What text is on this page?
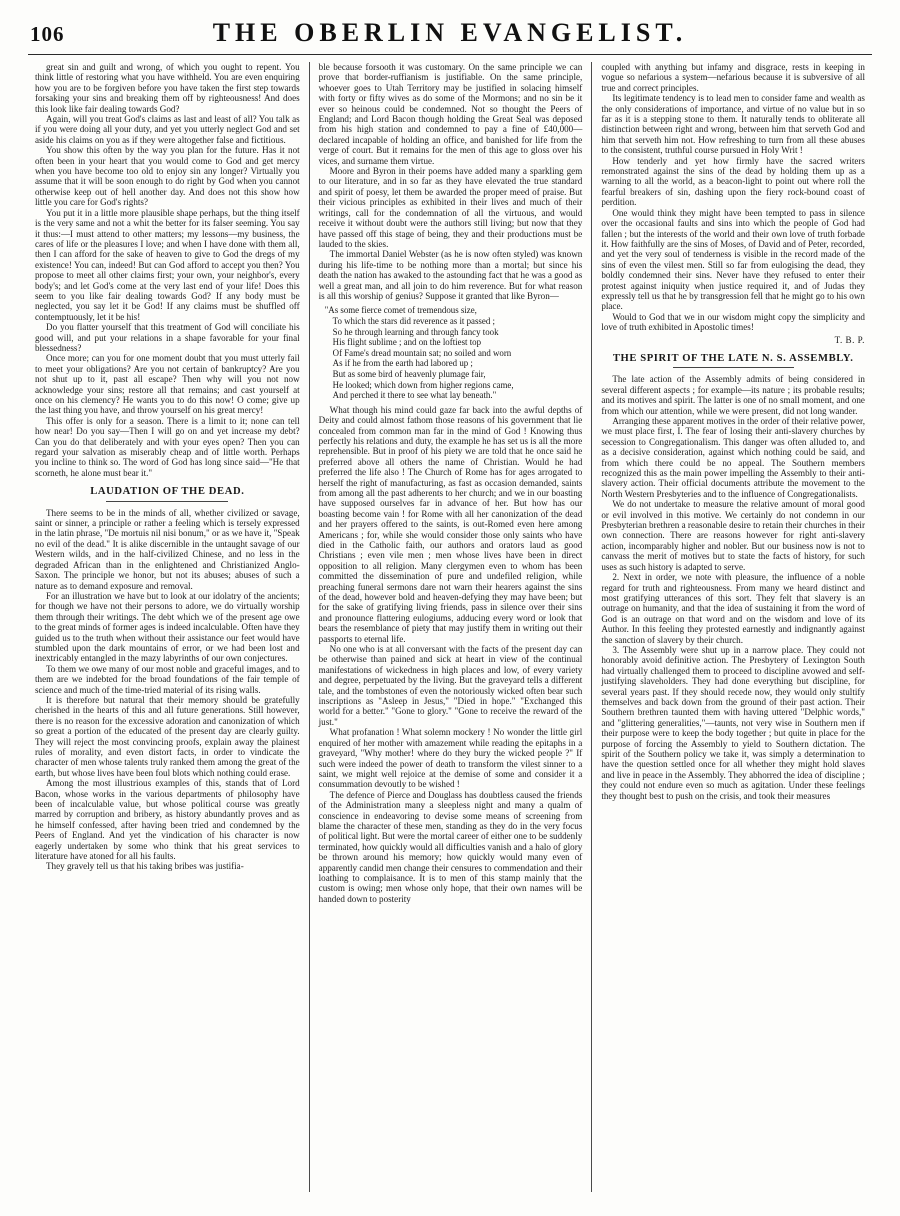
106	THE OBERLIN EVANGELIST.

great sin and guilt and wrong, of which you ought to repent. You think little of restoring what you have withheld. You are even enquiring how you are to be forgiven before you have taken the first step towards forsaking your sins and breaking them off by righteousness! And does this look like fair dealing towards God?

Again, will you treat God's claims as last and least of all? You talk as if you were doing all your duty, and yet you utterly neglect God and set aside his claims on you as if they were altogether false and fictitious.

You show this often by the way you plan for the future. Has it not often been in your heart that you would come to God and get mercy when you have become too old to enjoy sin any longer? Virtually you assume that it will be soon enough to do right by God when you cannot otherwise keep out of hell another day. And does not this show how little you care for God's rights?

You put it in a little more plausible shape perhaps, but the thing itself is the very same and not a whit the better for its falser seeming. You say it thus:—I must attend to other matters; my lessons—my business, the cares of life or the pleasures I love; and when I have done with them all, then I can afford for the sake of heaven to give to God the dregs of my existence! You can, indeed! But can God afford to accept you then? You propose to meet all other claims first; your own, your neighbor's, every body's; and let God's come at the very last end of your life! Does this seem to you like fair dealing towards God? If any body must be neglected, you say let it be God! If any claims must be shuffled off contemptuously, let it be his!

Do you flatter yourself that this treatment of God will conciliate his good will, and put your relations in a shape favorable for your final blessedness?

Once more; can you for one moment doubt that you must utterly fail to meet your obligations? Are you not certain of bankruptcy? Are you not shut up to it, past all escape? Then why will you not now acknowledge your sins; restore all that remains; and cast yourself at once on his clemency? He wants you to do this now! O come; give up the last thing you have, and throw yourself on his great mercy!

This offer is only for a season. There is a limit to it; none can tell how near! Do you say—Then I will go on and yet increase my debt? Can you do that deliberately and with your eyes open? Then you can regard your salvation as miserably cheap and of little worth. Perhaps you incline to think so. The word of God has long since said—"He that scorneth, he alone must bear it."

LAUDATION OF THE DEAD.

There seems to be in the minds of all, whether civilized or savage, saint or sinner, a principle or rather a feeling which is tersely expressed in the latin phrase, "De mortuis nil nisi bonum," or as we have it, "Speak no evil of the dead." It is alike discernible in the untaught savage of our Western wilds, and in the half-civilized Chinese, and no less in the degraded African than in the enlightened and Christianized Anglo-Saxon. The principle we honor, but not its abuses; abuses of such a nature as to demand exposure and removal.

For an illustration we have but to look at our idolatry of the ancients; for though we have not their persons to adore, we do virtually worship them through their writings. The debt which we of the present age owe to the great minds of former ages is indeed incalculable. Often have they guided us to the truth when without their assistance our feet would have stumbled upon the dark mountains of error, or we had been lost and inextricably entangled in the mazy labyrinths of our own conjectures.

To them we owe many of our most noble and graceful images, and to them are we indebted for the broad foundations of the fair temple of science and much of the time-tried material of its rising walls.

It is therefore but natural that their memory should be gratefully cherished in the hearts of this and all future generations. Still however, there is no reason for the excessive adoration and canonization of which so great a portion of the educated of the present day are clearly guilty. They will reject the most convincing proofs, explain away the plainest rules of morality, and even distort facts, in order to vindicate the character of men whose talents truly ranked them among the great of the earth, but whose lives have been foul blots which nothing could erase.

Among the most illustrious examples of this, stands that of Lord Bacon, whose works in the various departments of philosophy have been of incalculable value, but whose political course was greatly marred by corruption and bribery, as history abundantly proves and as he himself confessed, after having been tried and condemned by the Peers of England. And yet the vindication of his character is now eagerly undertaken by some who think that his great services to literature have atoned for all his faults.

They gravely tell us that his taking bribes was justifia-

ble because forsooth it was customary. On the same principle we can prove that border-ruffianism is justifiable. On the same principle, whoever goes to Utah Territory may be justified in solacing himself with forty or fifty wives as do some of the Mormons; and no sin be it ever so heinous could be condemned. Not so thought the Peers of England; and Lord Bacon though holding the Great Seal was deposed from his high station and condemned to pay a fine of £40,000—declared incapable of holding an office, and banished for life from the verge of court. But it remains for the men of this age to gloss over his vices, and surname them virtue.

Moore and Byron in their poems have added many a sparkling gem to our literature, and in so far as they have elevated the true standard and spirit of poesy, let them be awarded the proper meed of praise. But their vicious principles as exhibited in their lives and much of their writings, call for the condemnation of all the virtuous, and would receive it without doubt were the authors still living; but now that they have passed off this stage of being, they and their productions must be lauded to the skies.

The immortal Daniel Webster (as he is now often styled) was known during his life-time to be nothing more than a mortal; but since his death the nation has awaked to the astounding fact that he was a good as well a great man, and all join to do him reverence. But for what reason is all this worship of genius? Suppose it granted that like Byron—

"As some fierce comet of tremendous size,
To which the stars did reverence as it passed ;
So he through learning and through fancy took
His flight sublime ; and on the loftiest top
Of Fame's dread mountain sat; no soiled and worn
As if he from the earth had labored up ;
But as some bird of heavenly plumage fair,
He looked; which down from higher regions came,
And perched it there to see what lay beneath."

What though his mind could gaze far back into the awful depths of Deity and could almost fathom those reasons of his government that lie concealed from common man far in the mind of God ! Knowing thus perfectly his relations and duty, the example he has set us is all the more reprehensible. But in proof of his piety we are told that he once said he preferred above all others the name of Christian. Would he had preferred the life also ! The Church of Rome has for ages arrogated to herself the right of manufacturing, as fast as occasion demanded, saints from among all the past adherents to her church; and we in our boasting have supposed ourselves far in advance of her. But how has our boasting become vain ! for Rome with all her canonization of the dead and her prayers offered to the saints, is out-Romed even here among Americans ; for, while she would consider those only saints who have died in the Catholic faith, our authors and orators laud as good Christians ; even vile men ; men whose lives have been in direct opposition to all religion. Many clergymen even to whom has been committed the dissemination of pure and undefiled religion, while preaching funeral sermons dare not warn their hearers against the sins of the dead, however bold and heaven-defying they may have been; but for the sake of gratifying living friends, pass in silence over their sins and pronounce flattering eulogiums, adducing every word or look that bears the resemblance of piety that may justify them in writing out their passports to eternal life.

No one who is at all conversant with the facts of the present day can be otherwise than pained and sick at heart in view of the continual manifestations of wickedness in high places and low, of every variety and degree, perpetuated by the living. But the graveyard tells a different tale, and the tombstones of even the notoriously wicked often bear such inscriptions as "Asleep in Jesus," "Died in hope." "Exchanged this world for a better." "Gone to glory." "Gone to receive the reward of the just."

What profanation ! What solemn mockery ! No wonder the little girl enquired of her mother with amazement while reading the epitaphs in a graveyard, "Why mother! where do they bury the wicked people ?" If such were indeed the power of death to transform the vilest sinner to a saint, we might well rejoice at the demise of some and consider it a consummation devoutly to be wished !

The defence of Pierce and Douglass has doubtless caused the friends of the Administration many a sleepless night and many a qualm of conscience in endeavoring to devise some means of screening from blame the character of these men, standing as they do in the very focus of political light. But were the mortal career of either one to be suddenly terminated, how quickly would all difficulties vanish and a halo of glory be thrown around his memory; how quickly would many even of apparently candid men change their censures to commendation and their loathing to complaisance. It is to men of this stamp mainly that the custom is owing; men whose only hope, that their own names will be handed down to posterity

coupled with anything but infamy and disgrace, rests in keeping in vogue so nefarious a system—nefarious because it is subversive of all true and correct principles.

Its legitimate tendency is to lead men to consider fame and wealth as the only considerations of importance, and virtue of no value but in so far as it is a stepping stone to them. It naturally tends to obliterate all distinction between right and wrong, between him that serveth God and him that serveth him not. How refreshing to turn from all these abuses to the consistent, truthful course pursued in Holy Writ !

How tenderly and yet how firmly have the sacred writers remonstrated against the sins of the dead by holding them up as a warning to all the world, as a beacon-light to point out where roll the fearful breakers of sin, dashing upon the fiery rock-bound coast of perdition.

One would think they might have been tempted to pass in silence over the occasional faults and sins into which the people of God had fallen ; but the interests of the world and their own love of truth forbade it. How faithfully are the sins of Moses, of David and of Peter, recorded, and yet the very soul of tenderness is visible in the record made of the sins of even the vilest men. Still so far from eulogising the dead, they boldly condemned their sins. Never have they refused to enter their protest against iniquity when justice required it, and of Judas they expressly tell us that he by transgression fell that he might go to his own place.

Would to God that we in our wisdom might copy the simplicity and love of truth exhibited in Apostolic times!

T. B. P.
THE SPIRIT OF THE LATE N. S. ASSEMBLY.

The late action of the Assembly admits of being considered in several different aspects ; for example—its nature ; its probable results; and its motives and spirit. The latter is one of no small moment, and one from which our attention, while we were present, did not long wander.

Arranging these apparent motives in the order of their relative power, we must place first, I. The fear of losing their anti-slavery churches by secession to Congregationalism. This danger was often alluded to, and as a decisive consideration, against which nothing could be said, and from which there could be no appeal. The Southern members recognized this as the main power impelling the Assembly to their anti-slavery action. Their official documents attribute the movement to the North Western Presbyteries and to the influence of Congregationalists.

We do not undertake to measure the relative amount of moral good or evil involved in this motive. We certainly do not condemn in our Presbyterian brethren a reasonable desire to retain their churches in their own connection. There are reasons however for right anti-slavery action, incomparably higher and nobler. But our business now is not to canvass the merit of motives but to state the facts of history, for such uses as such history is adapted to serve.

2. Next in order, we note with pleasure, the influence of a noble regard for truth and righteousness. From many we heard distinct and most gratifying utterances of this sort. They felt that slavery is an outrage on humanity, and that the idea of sustaining it from the word of God is an outrage on that word and on the wisdom and love of its Author. In this feeling they protested earnestly and indignantly against the sanction of slavery by their church.

3. The Assembly were shut up in a narrow place. They could not honorably avoid definitive action. The Presbytery of Lexington South had virtually challenged them to proceed to discipline avowed and self-justifying slaveholders. They had done everything but discipline, for several years past. If they should recede now, they would only stultify themselves and back down from the ground of their past action. Their Southern brethren taunted them with having uttered "Delphic words," and "glittering generalities,"—taunts, not very wise in Southern men if their purpose were to keep the body together ; but quite in place for the purpose of forcing the Assembly to yield to Southern dictation. The spirit of the Southern policy we take it, was simply a determination to have the question settled once for all whether they might hold slaves and live in peace in the Assembly. They abhorred the idea of discipline ; they could not endure even so much as agitation. Under these feelings they thought best to push on the crisis, and took their measures
